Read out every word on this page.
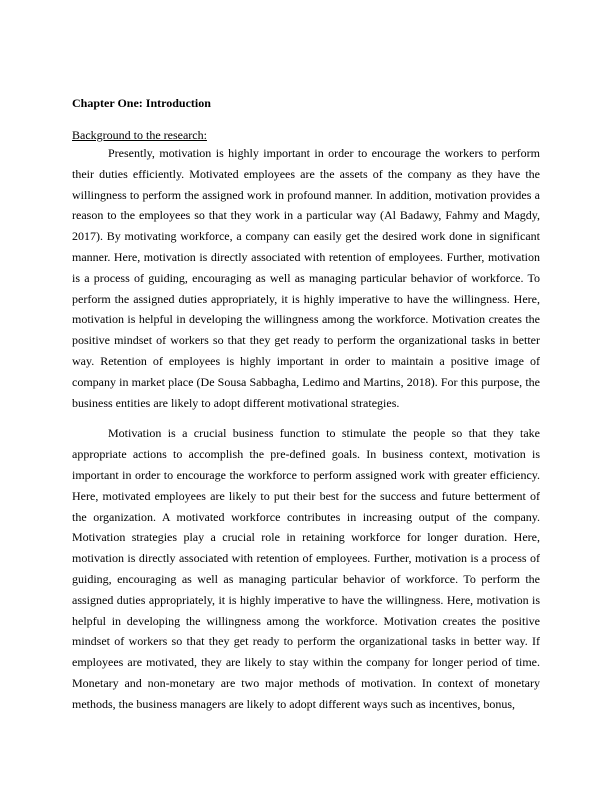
Chapter One: Introduction
Background to the research:

Presently, motivation is highly important in order to encourage the workers to perform their duties efficiently. Motivated employees are the assets of the company as they have the willingness to perform the assigned work in profound manner. In addition, motivation provides a reason to the employees so that they work in a particular way (Al Badawy, Fahmy and Magdy, 2017). By motivating workforce, a company can easily get the desired work done in significant manner. Here, motivation is directly associated with retention of employees. Further, motivation is a process of guiding, encouraging as well as managing particular behavior of workforce. To perform the assigned duties appropriately, it is highly imperative to have the willingness. Here, motivation is helpful in developing the willingness among the workforce. Motivation creates the positive mindset of workers so that they get ready to perform the organizational tasks in better way. Retention of employees is highly important in order to maintain a positive image of company in market place (De Sousa Sabbagha, Ledimo and Martins, 2018). For this purpose, the business entities are likely to adopt different motivational strategies.

Motivation is a crucial business function to stimulate the people so that they take appropriate actions to accomplish the pre-defined goals. In business context, motivation is important in order to encourage the workforce to perform assigned work with greater efficiency. Here, motivated employees are likely to put their best for the success and future betterment of the organization. A motivated workforce contributes in increasing output of the company. Motivation strategies play a crucial role in retaining workforce for longer duration. Here, motivation is directly associated with retention of employees. Further, motivation is a process of guiding, encouraging as well as managing particular behavior of workforce. To perform the assigned duties appropriately, it is highly imperative to have the willingness. Here, motivation is helpful in developing the willingness among the workforce. Motivation creates the positive mindset of workers so that they get ready to perform the organizational tasks in better way. If employees are motivated, they are likely to stay within the company for longer period of time. Monetary and non-monetary are two major methods of motivation. In context of monetary methods, the business managers are likely to adopt different ways such as incentives, bonus,
